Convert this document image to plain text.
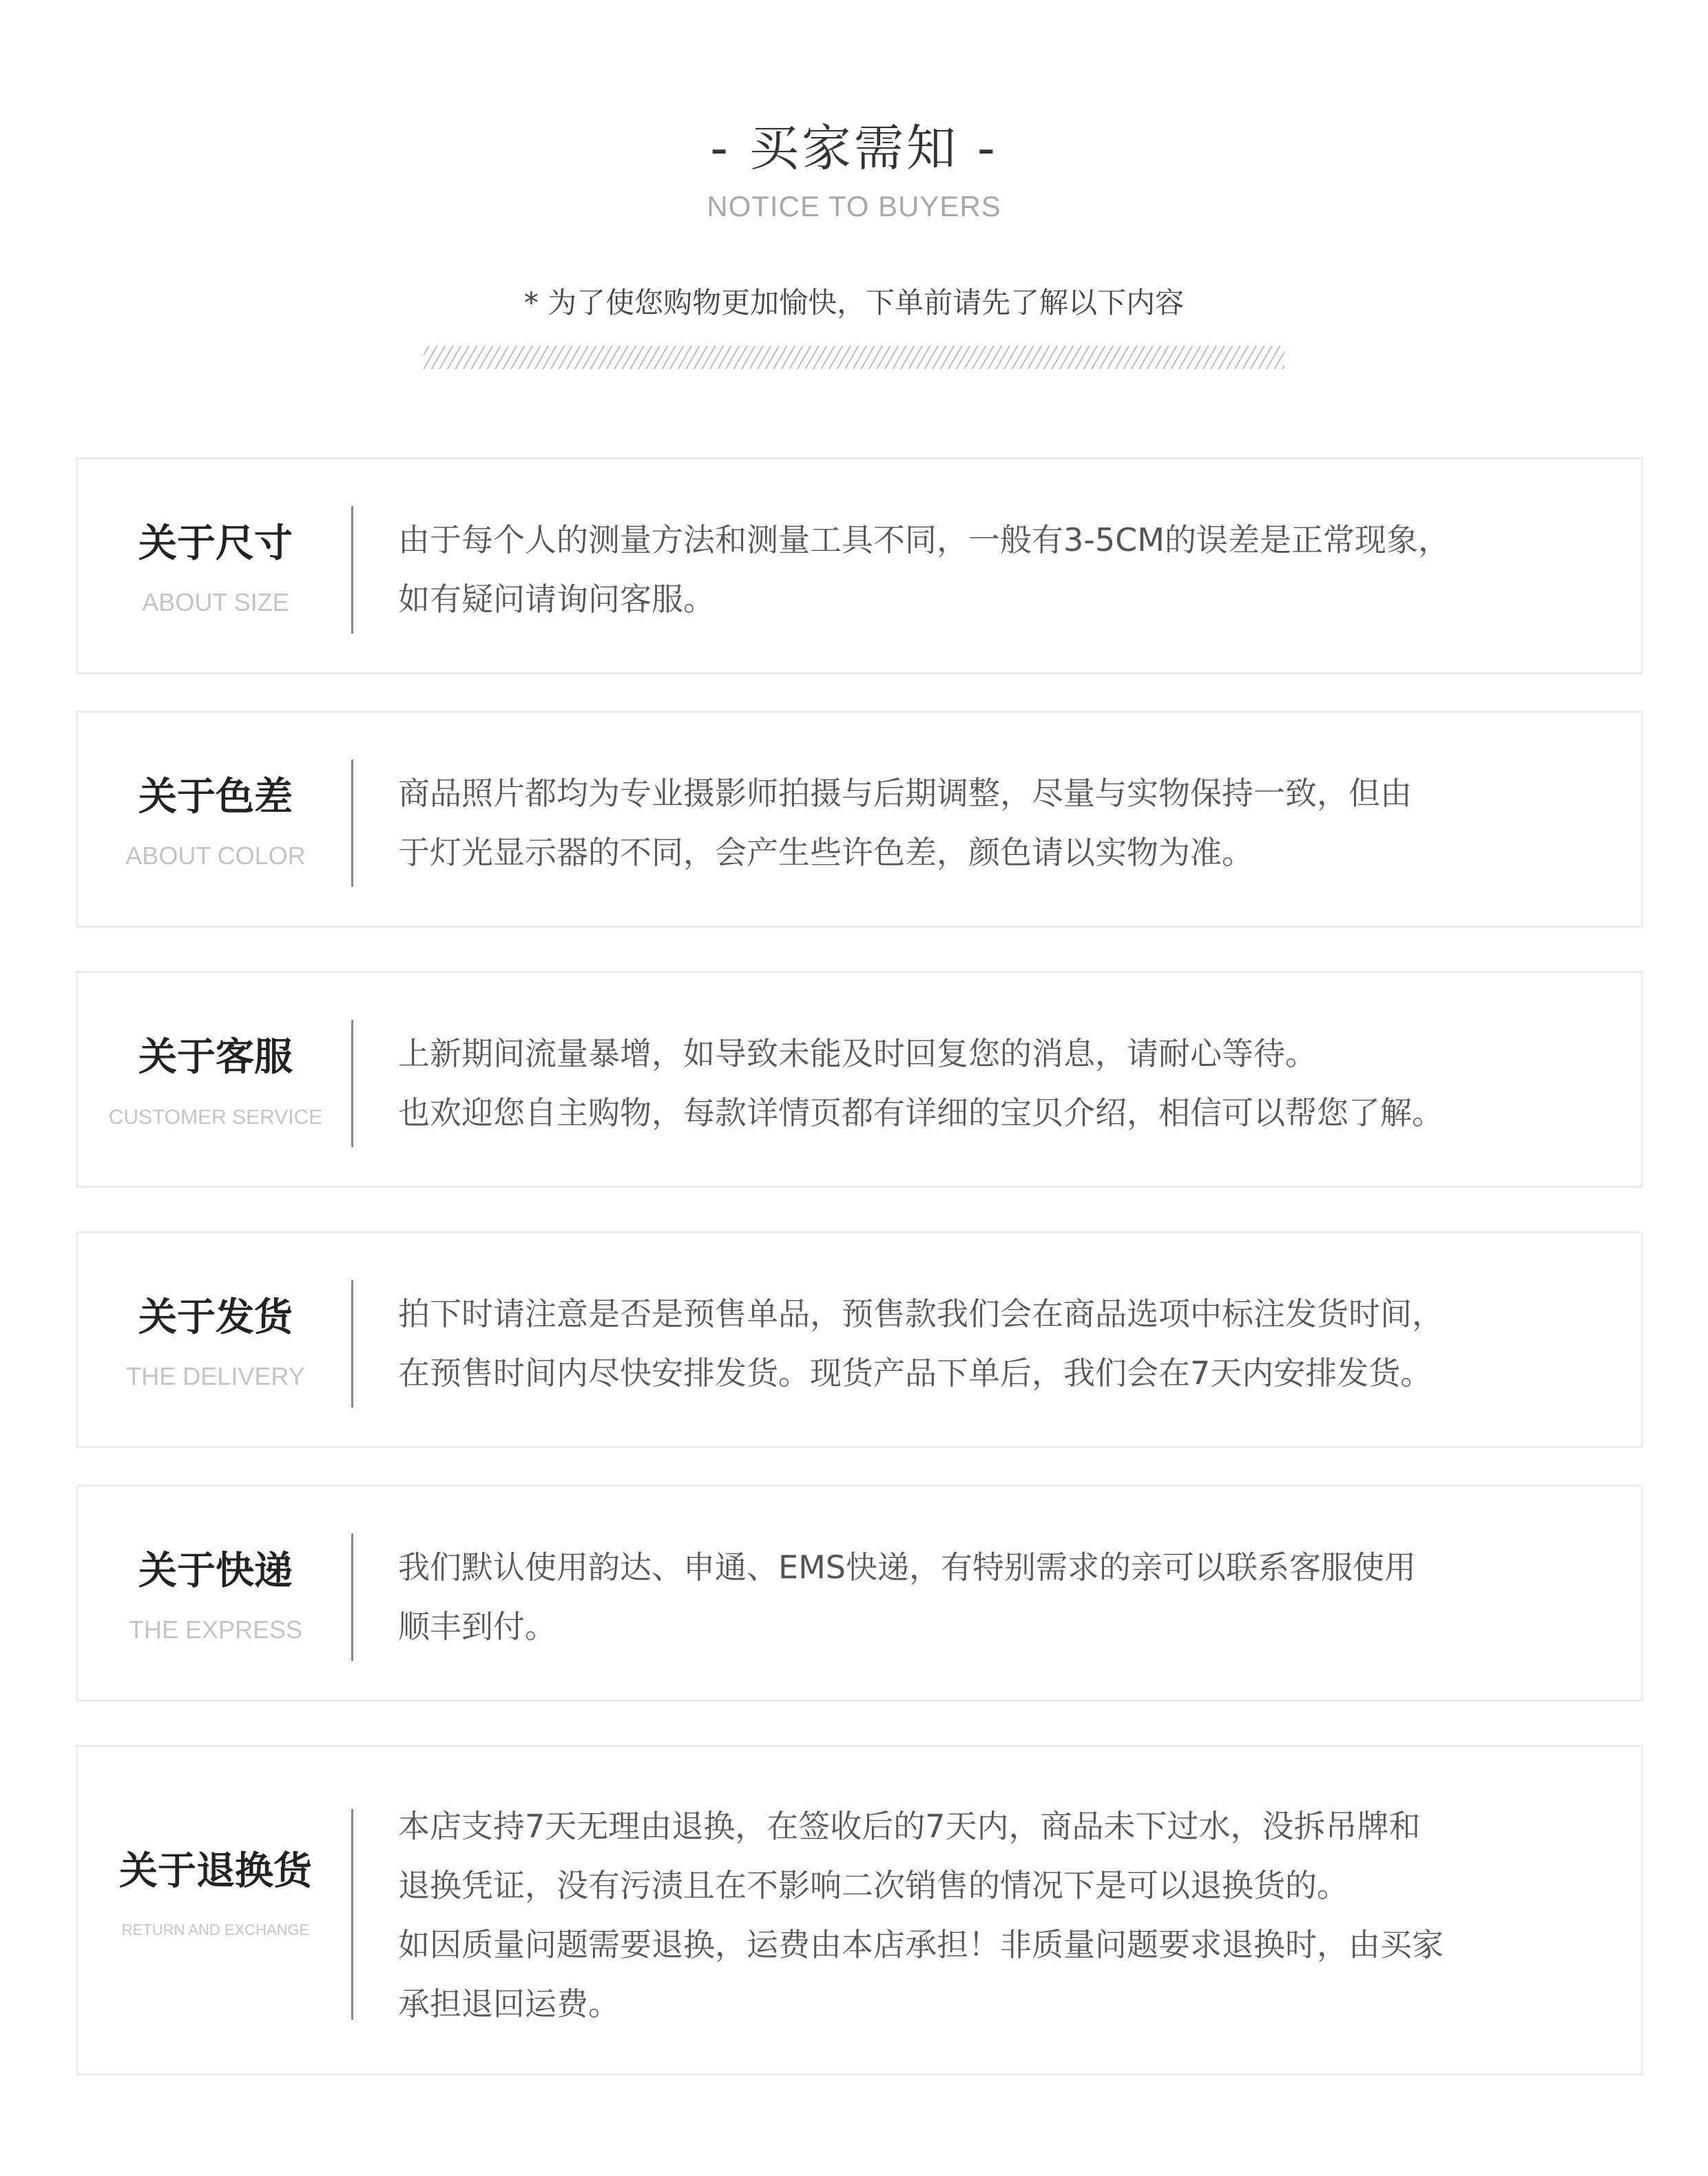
- 买家需知 -
NOTICE TO BUYERS
* 为了使您购物更加愉快，下单前请先了解以下内容
关于尺寸
ABOUT SIZE

由于每个人的测量方法和测量工具不同，一般有3-5CM的误差是正常现象，

如有疑问请询问客服。

关于色差
ABOUT COLOR

商品照片都均为专业摄影师拍摄与后期调整，尽量与实物保持一致，但由

于灯光显示器的不同，会产生些许色差，颜色请以实物为准。

关于客服
CUSTOMER SERVICE

上新期间流量暴增，如导致未能及时回复您的消息，请耐心等待。

也欢迎您自主购物，每款详情页都有详细的宝贝介绍，相信可以帮您了解。

关于发货
THE DELIVERY

拍下时请注意是否是预售单品，预售款我们会在商品选项中标注发货时间，

在预售时间内尽快安排发货。现货产品下单后，我们会在7天内安排发货。

关于快递
THE EXPRESS

我们默认使用韵达、申通、EMS快递，有特别需求的亲可以联系客服使用

顺丰到付。

关于退换货
RETURN AND EXCHANGE

本店支持7天无理由退换，在签收后的7天内，商品未下过水，没拆吊牌和

退换凭证，没有污渍且在不影响二次销售的情况下是可以退换货的。

如因质量问题需要退换，运费由本店承担！非质量问题要求退换时，由买家

承担退回运费。
